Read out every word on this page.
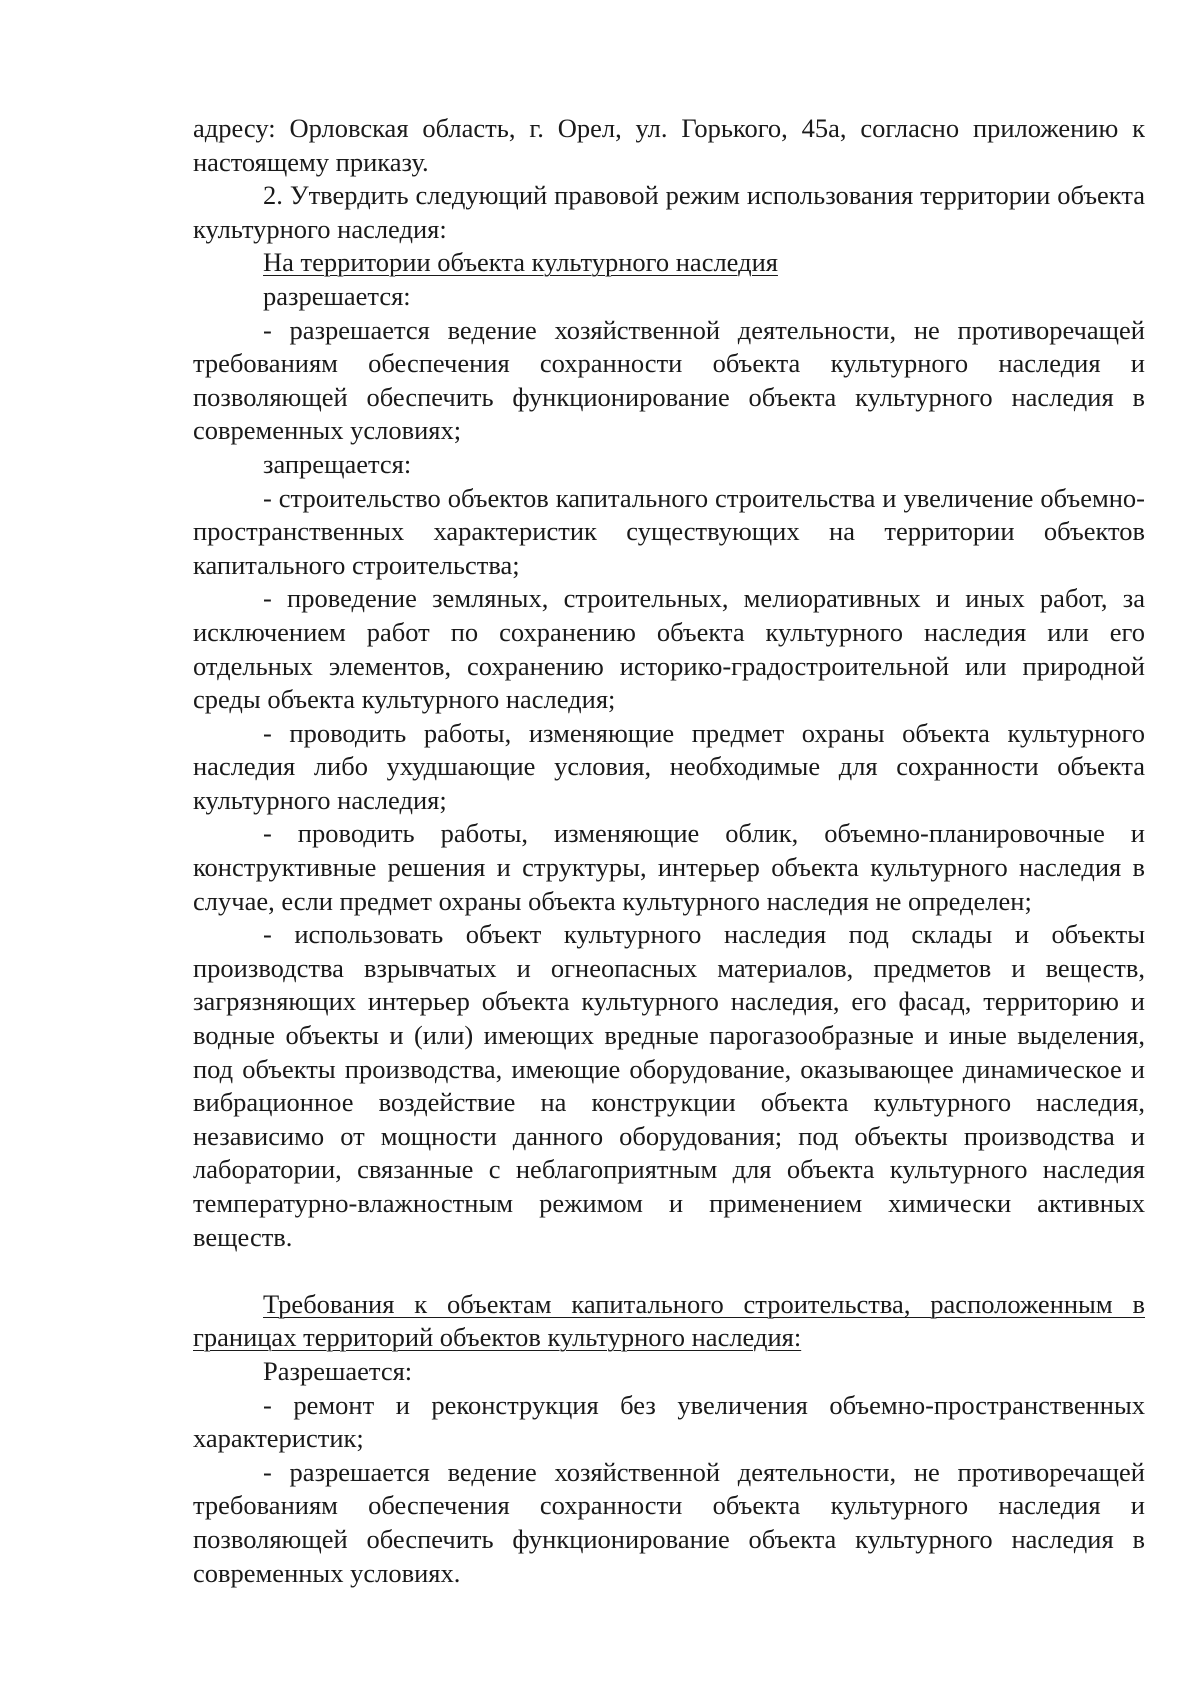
адресу: Орловская область, г. Орел, ул. Горького, 45а, согласно приложению к настоящему приказу.

2. Утвердить следующий правовой режим использования территории объекта культурного наследия:

На территории объекта культурного наследия

разрешается:

- разрешается ведение хозяйственной деятельности, не противоречащей требованиям обеспечения сохранности объекта культурного наследия и позволяющей обеспечить функционирование объекта культурного наследия в современных условиях;

запрещается:

- строительство объектов капитального строительства и увеличение объемно-пространственных характеристик существующих на территории объектов капитального строительства;

- проведение земляных, строительных, мелиоративных и иных работ, за исключением работ по сохранению объекта культурного наследия или его отдельных элементов, сохранению историко-градостроительной или природной среды объекта культурного наследия;

- проводить работы, изменяющие предмет охраны объекта культурного наследия либо ухудшающие условия, необходимые для сохранности объекта культурного наследия;

- проводить работы, изменяющие облик, объемно-планировочные и конструктивные решения и структуры, интерьер объекта культурного наследия в случае, если предмет охраны объекта культурного наследия не определен;

- использовать объект культурного наследия под склады и объекты производства взрывчатых и огнеопасных материалов, предметов и веществ, загрязняющих интерьер объекта культурного наследия, его фасад, территорию и водные объекты и (или) имеющих вредные парогазообразные и иные выделения, под объекты производства, имеющие оборудование, оказывающее динамическое и вибрационное воздействие на конструкции объекта культурного наследия, независимо от мощности данного оборудования; под объекты производства и лаборатории, связанные с неблагоприятным для объекта культурного наследия температурно-влажностным режимом и применением химически активных веществ.

Требования к объектам капитального строительства, расположенным в границах территорий объектов культурного наследия:

Разрешается:

- ремонт и реконструкция без увеличения объемно-пространственных характеристик;

- разрешается ведение хозяйственной деятельности, не противоречащей требованиям обеспечения сохранности объекта культурного наследия и позволяющей обеспечить функционирование объекта культурного наследия в современных условиях.
